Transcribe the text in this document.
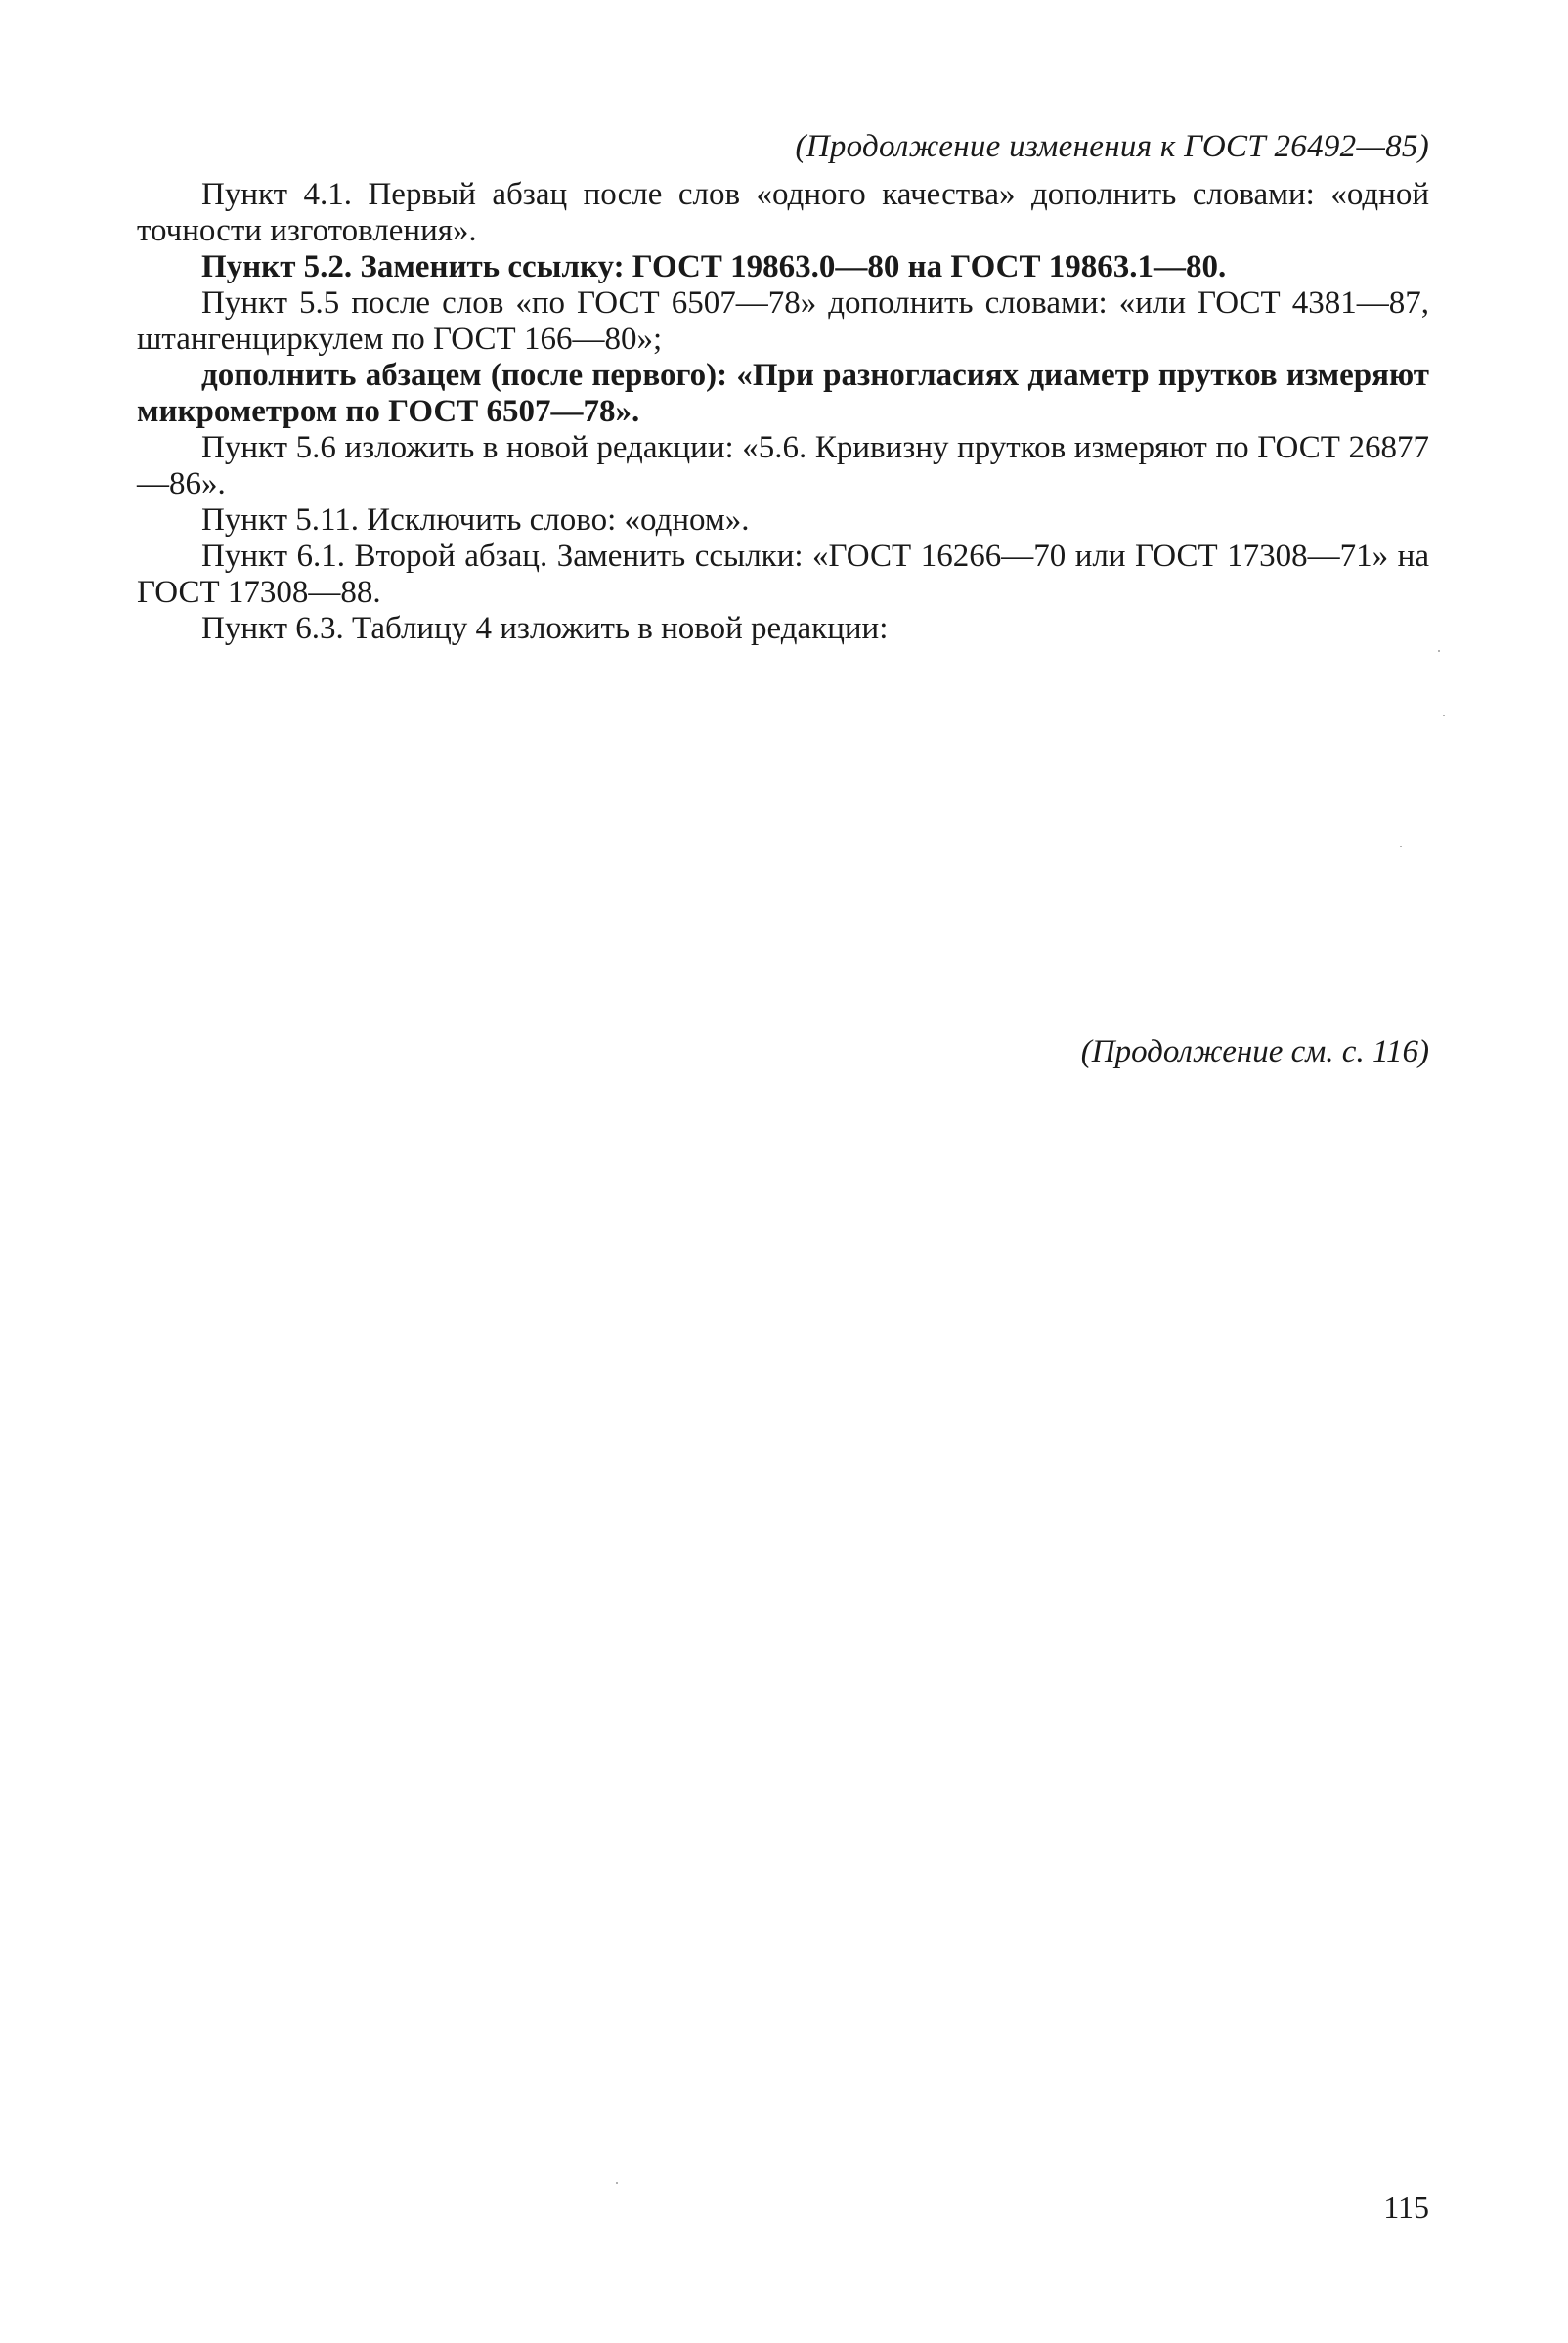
(Продолжение изменения к ГОСТ 26492—85)

Пункт 4.1. Первый абзац после слов «одного качества» дополнить словами: «одной точности изготовления».

Пункт 5.2. Заменить ссылку: ГОСТ 19863.0—80 на ГОСТ 19863.1—80.

Пункт 5.5 после слов «по ГОСТ 6507—78» дополнить словами: «или ГОСТ 4381—87, штангенциркулем по ГОСТ 166—80»;

дополнить абзацем (после первого): «При разногласиях диаметр прутков измеряют микрометром по ГОСТ 6507—78».

Пункт 5.6 изложить в новой редакции: «5.6. Кривизну прутков измеряют по ГОСТ 26877—86».

Пункт 5.11. Исключить слово: «одном».

Пункт 6.1. Второй абзац. Заменить ссылки: «ГОСТ 16266—70 или ГОСТ 17308—71» на ГОСТ 17308—88.

Пункт 6.3. Таблицу 4 изложить в новой редакции:

(Продолжение см. с. 116)
115
